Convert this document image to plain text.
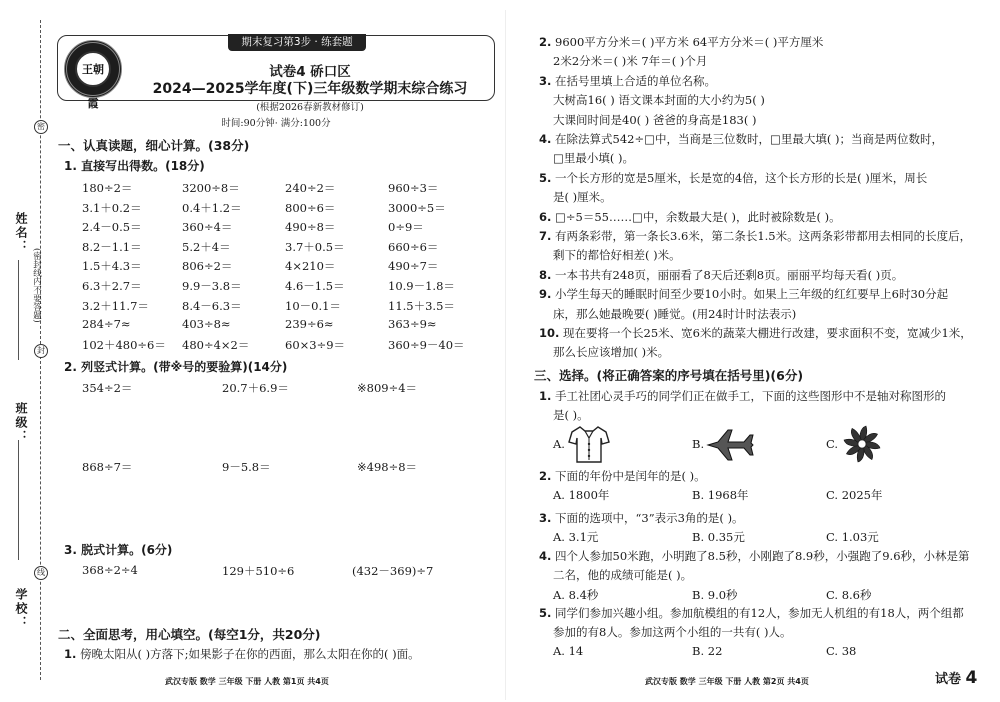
姓名：
(密封线内不要答题)
班级：
学校：
密
封
线
期末复习第3步 · 练套题
王朝霞
试卷4 硚口区
2024—2025学年度(下)三年级数学期末综合练习
(根据2026春新教材修订)
时间:90分钟· 满分:100分
一、认真读题，细心计算。(38分)
1. 直接写出得数。(18分)
180÷2＝	3200÷8＝	240÷2＝	960÷3＝
3.1＋0.2＝	0.4＋1.2＝	800÷6＝	3000÷5＝
2.4－0.5＝	360÷4＝	490÷8＝	0÷9＝
8.2－1.1＝	5.2＋4＝	3.7＋0.5＝	660÷6＝
1.5＋4.3＝	806÷2＝	4×210＝	490÷7＝
6.3＋2.7＝	9.9－3.8＝	4.6－1.5＝	10.9－1.8＝
3.2＋11.7＝	8.4－6.3＝	10－0.1＝	11.5＋3.5＝
284÷7≈	403÷8≈	239÷6≈	363÷9≈
102＋480÷6＝ 480÷4×2＝	60×3÷9＝	360÷9－40＝
2. 列竖式计算。(带※号的要验算)(14分)
354÷2＝	20.7＋6.9＝	※809÷4＝
868÷7＝	9－5.8＝	※498÷8＝
3. 脱式计算。(6分)
368÷2÷4	129＋510÷6	(432－369)÷7
二、全面思考，用心填空。(每空1分，共20分)
1. 傍晚太阳从( )方落下;如果影子在你的西面，那么太阳在你的( )面。
武汉专版 数学 三年级 下册 人教 第1页 共4页
2. 9600平方分米＝( )平方米 64平方分米＝( )平方厘米
2米2分米＝( )米 7年＝( )个月
3. 在括号里填上合适的单位名称。
大树高16( ) 语文课本封面的大小约为5( )
大课间时间是40( ) 爸爸的身高是183( )
4. 在除法算式542÷□中，当商是三位数时，□里最大填( )；当商是两位数时，
□里最小填( )。
5. 一个长方形的宽是5厘米，长是宽的4倍，这个长方形的长是( )厘米，周长
是( )厘米。
6. □÷5＝55……□中，余数最大是( )，此时被除数是( )。
7. 有两条彩带，第一条长3.6米，第二条长1.5米。这两条彩带都用去相同的长度后，
剩下的都恰好相差( )米。
8. 一本书共有248页，丽丽看了8天后还剩8页。丽丽平均每天看( )页。
9. 小学生每天的睡眠时间至少要10小时。如果上三年级的红红要早上6时30分起
床，那么她最晚要( )睡觉。(用24时计时法表示)
10. 现在要将一个长25米、宽6米的蔬菜大棚进行改建，要求面积不变，宽减少1米，
那么长应该增加( )米。
三、选择。(将正确答案的序号填在括号里)(6分)
1. 手工社团心灵手巧的同学们正在做手工，下面的这些图形中不是轴对称图形的
是( )。
A.	B.	C.
2. 下面的年份中是闰年的是( )。
A. 1800年	B. 1968年	C. 2025年
3. 下面的选项中，“3”表示3角的是( )。
A. 3.1元	B. 0.35元	C. 1.03元
4. 四个人参加50米跑，小明跑了8.5秒，小刚跑了8.9秒，小强跑了9.6秒，小林是第
二名，他的成绩可能是( )。
A. 8.4秒	B. 9.0秒	C. 8.6秒
5. 同学们参加兴趣小组。参加航模组的有12人，参加无人机组的有18人，两个组都
参加的有8人。参加这两个小组的一共有( )人。
A. 14	B. 22	C. 38
武汉专版 数学 三年级 下册 人教 第2页 共4页	试卷 4
